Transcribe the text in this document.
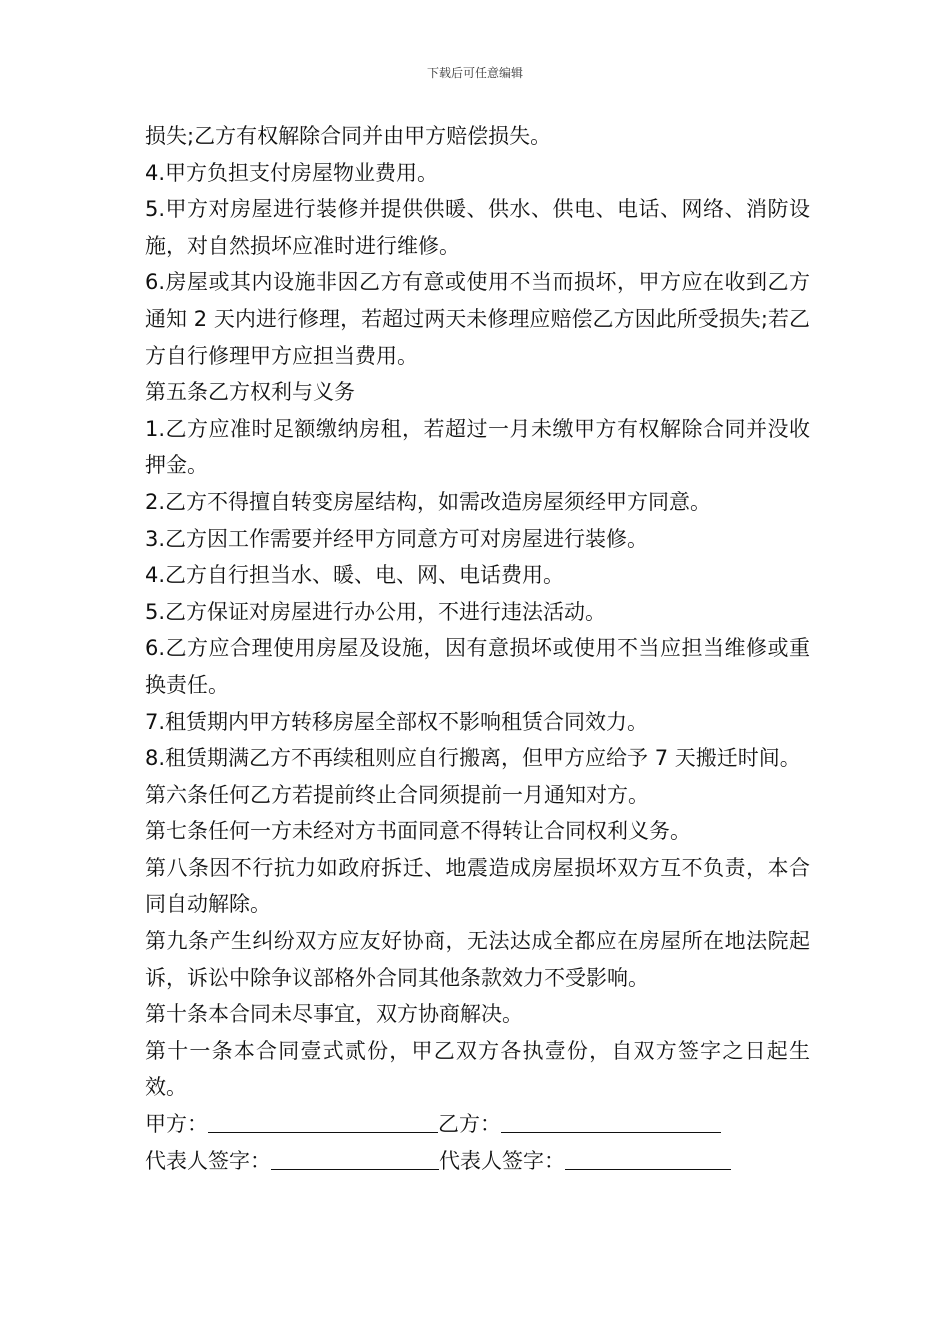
下载后可任意编辑

损失;乙方有权解除合同并由甲方赔偿损失。

4.甲方负担支付房屋物业费用。

5.甲方对房屋进行装修并提供供暖、供水、供电、电话、网络、消防设施，对自然损坏应准时进行维修。

6.房屋或其内设施非因乙方有意或使用不当而损坏，甲方应在收到乙方通知 2 天内进行修理，若超过两天未修理应赔偿乙方因此所受损失;若乙方自行修理甲方应担当费用。

第五条乙方权利与义务

1.乙方应准时足额缴纳房租，若超过一月未缴甲方有权解除合同并没收押金。

2.乙方不得擅自转变房屋结构，如需改造房屋须经甲方同意。

3.乙方因工作需要并经甲方同意方可对房屋进行装修。

4.乙方自行担当水、暖、电、网、电话费用。

5.乙方保证对房屋进行办公用，不进行违法活动。

6.乙方应合理使用房屋及设施，因有意损坏或使用不当应担当维修或重换责任。

7.租赁期内甲方转移房屋全部权不影响租赁合同效力。

8.租赁期满乙方不再续租则应自行搬离，但甲方应给予 7 天搬迁时间。

第六条任何乙方若提前终止合同须提前一月通知对方。

第七条任何一方未经对方书面同意不得转让合同权利义务。

第八条因不行抗力如政府拆迁、地震造成房屋损坏双方互不负责，本合同自动解除。

第九条产生纠纷双方应友好协商，无法达成全都应在房屋所在地法院起诉，诉讼中除争议部格外合同其他条款效力不受影响。

第十条本合同未尽事宜，双方协商解决。

第十一条本合同壹式贰份，甲乙双方各执壹份，自双方签字之日起生效。

甲方：	乙方：

代表人签字：	代表人签字：
